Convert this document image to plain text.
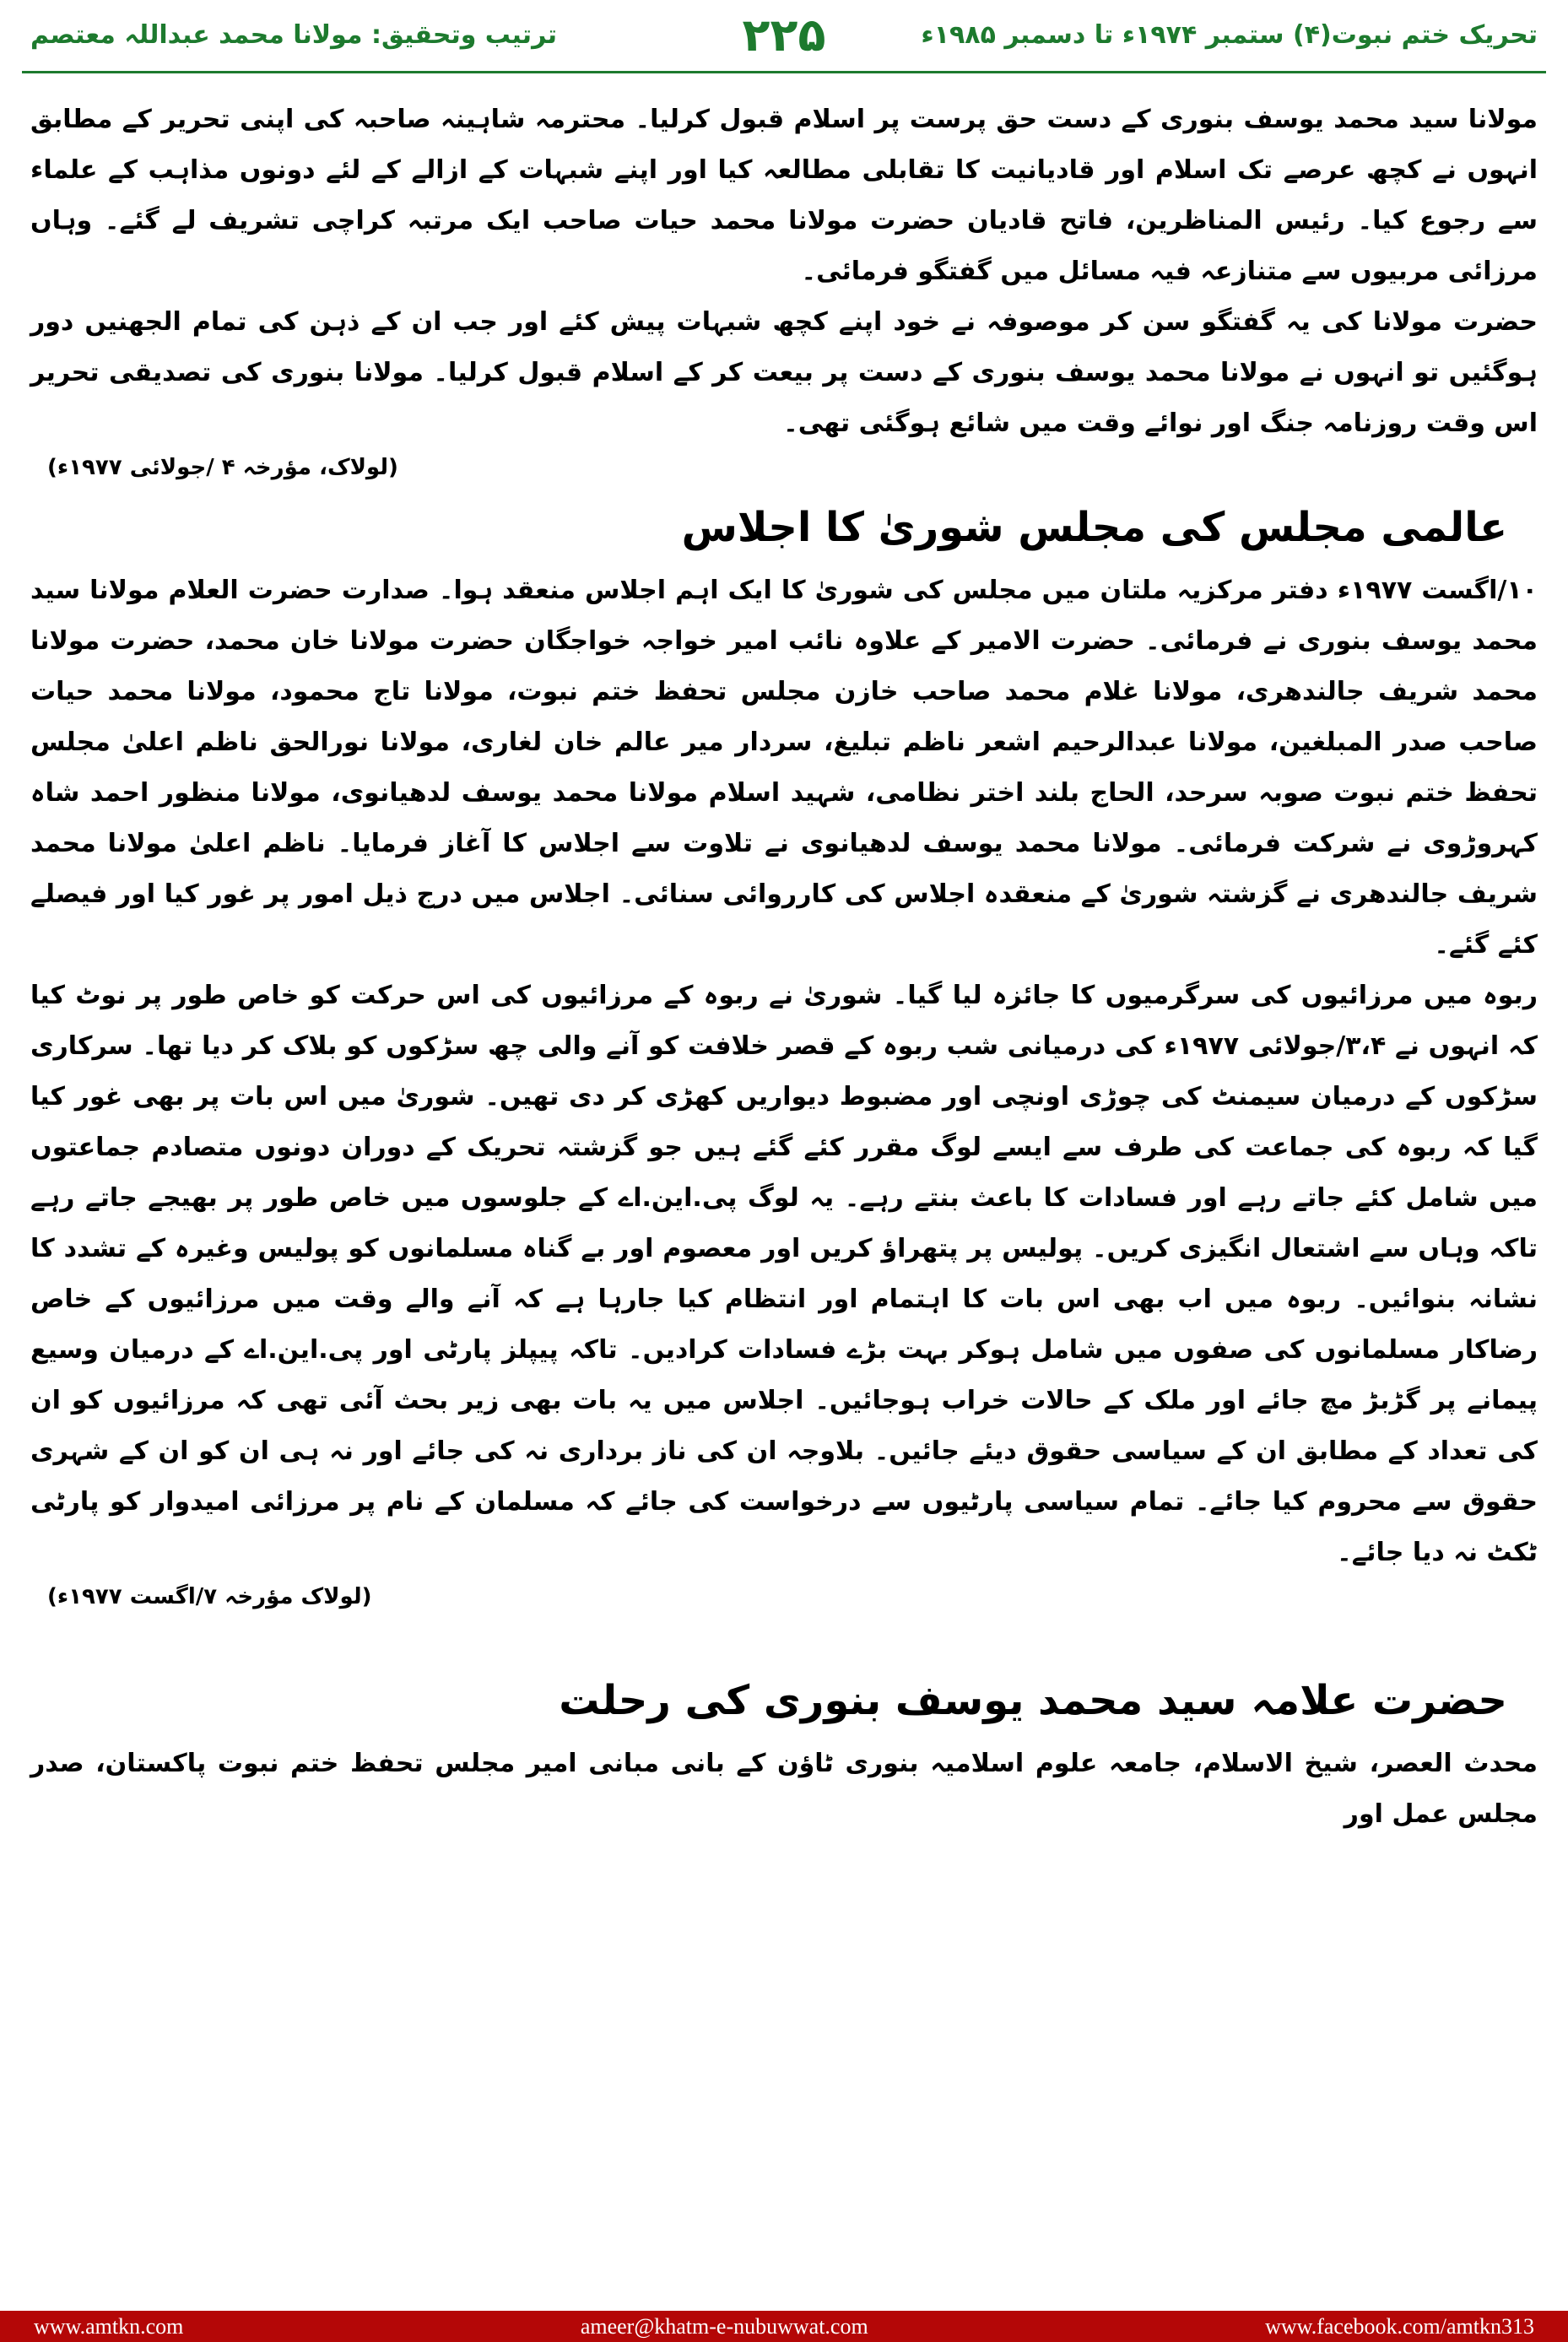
تحریک ختم نبوت(۴) ستمبر ۱۹۷۴ء تا دسمبر ۱۹۸۵ء
۲۲۵
ترتیب وتحقیق: مولانا محمد عبداللہ معتصم

مولانا سید محمد یوسف بنوری کے دست حق پرست پر اسلام قبول کرلیا۔ محترمہ شاہینہ صاحبہ کی اپنی تحریر کے مطابق انہوں نے کچھ عرصے تک اسلام اور قادیانیت کا تقابلی مطالعہ کیا اور اپنے شبہات کے ازالے کے لئے دونوں مذاہب کے علماء سے رجوع کیا۔ رئیس المناظرین، فاتح قادیان حضرت مولانا محمد حیات صاحب ایک مرتبہ کراچی تشریف لے گئے۔ وہاں مرزائی مربیوں سے متنازعہ فیہ مسائل میں گفتگو فرمائی۔

حضرت مولانا کی یہ گفتگو سن کر موصوفہ نے خود اپنے کچھ شبہات پیش کئے اور جب ان کے ذہن کی تمام الجھنیں دور ہوگئیں تو انہوں نے مولانا محمد یوسف بنوری کے دست پر بیعت کر کے اسلام قبول کرلیا۔ مولانا بنوری کی تصدیقی تحریر اس وقت روزنامہ جنگ اور نوائے وقت میں شائع ہوگئی تھی۔

(لولاک، مؤرخہ ۴ /جولائی ۱۹۷۷ء)

عالمی مجلس کی مجلس شوریٰ کا اجلاس

۱۰/اگست ۱۹۷۷ء دفتر مرکزیہ ملتان میں مجلس کی شوریٰ کا ایک اہم اجلاس منعقد ہوا۔ صدارت حضرت العلام مولانا سید محمد یوسف بنوری نے فرمائی۔ حضرت الامیر کے علاوہ نائب امیر خواجہ خواجگان حضرت مولانا خان محمد، حضرت مولانا محمد شریف جالندھری، مولانا غلام محمد صاحب خازن مجلس تحفظ ختم نبوت، مولانا تاج محمود، مولانا محمد حیات صاحب صدر المبلغین، مولانا عبدالرحیم اشعر ناظم تبلیغ، سردار میر عالم خان لغاری، مولانا نورالحق ناظم اعلیٰ مجلس تحفظ ختم نبوت صوبہ سرحد، الحاج بلند اختر نظامی، شہید اسلام مولانا محمد یوسف لدھیانوی، مولانا منظور احمد شاہ کہروڑوی نے شرکت فرمائی۔ مولانا محمد یوسف لدھیانوی نے تلاوت سے اجلاس کا آغاز فرمایا۔ ناظم اعلیٰ مولانا محمد شریف جالندھری نے گزشتہ شوریٰ کے منعقدہ اجلاس کی کارروائی سنائی۔ اجلاس میں درج ذیل امور پر غور کیا اور فیصلے کئے گئے۔

ربوہ میں مرزائیوں کی سرگرمیوں کا جائزہ لیا گیا۔ شوریٰ نے ربوہ کے مرزائیوں کی اس حرکت کو خاص طور پر نوٹ کیا کہ انہوں نے ۳،۴/جولائی ۱۹۷۷ء کی درمیانی شب ربوہ کے قصر خلافت کو آنے والی چھ سڑکوں کو بلاک کر دیا تھا۔ سرکاری سڑکوں کے درمیان سیمنٹ کی چوڑی اونچی اور مضبوط دیواریں کھڑی کر دی تھیں۔ شوریٰ میں اس بات پر بھی غور کیا گیا کہ ربوہ کی جماعت کی طرف سے ایسے لوگ مقرر کئے گئے ہیں جو گزشتہ تحریک کے دوران دونوں متصادم جماعتوں میں شامل کئے جاتے رہے اور فسادات کا باعث بنتے رہے۔ یہ لوگ پی.این.اے کے جلوسوں میں خاص طور پر بھیجے جاتے رہے تاکہ وہاں سے اشتعال انگیزی کریں۔ پولیس پر پتھراؤ کریں اور معصوم اور بے گناہ مسلمانوں کو پولیس وغیرہ کے تشدد کا نشانہ بنوائیں۔ ربوہ میں اب بھی اس بات کا اہتمام اور انتظام کیا جارہا ہے کہ آنے والے وقت میں مرزائیوں کے خاص رضاکار مسلمانوں کی صفوں میں شامل ہوکر بہت بڑے فسادات کرادیں۔ تاکہ پیپلز پارٹی اور پی.این.اے کے درمیان وسیع پیمانے پر گڑبڑ مچ جائے اور ملک کے حالات خراب ہوجائیں۔ اجلاس میں یہ بات بھی زیر بحث آئی تھی کہ مرزائیوں کو ان کی تعداد کے مطابق ان کے سیاسی حقوق دیئے جائیں۔ بلاوجہ ان کی ناز برداری نہ کی جائے اور نہ ہی ان کو ان کے شہری حقوق سے محروم کیا جائے۔ تمام سیاسی پارٹیوں سے درخواست کی جائے کہ مسلمان کے نام پر مرزائی امیدوار کو پارٹی ٹکٹ نہ دیا جائے۔

(لولاک مؤرخہ ۷/اگست ۱۹۷۷ء)

حضرت علامہ سید محمد یوسف بنوری کی رحلت

محدث العصر، شیخ الاسلام، جامعہ علوم اسلامیہ بنوری ٹاؤن کے بانی مبانی امیر مجلس تحفظ ختم نبوت پاکستان، صدر مجلس عمل اور

www.amtkn.com	ameer@khatm-e-nubuwwat.com	www.facebook.com/amtkn313
